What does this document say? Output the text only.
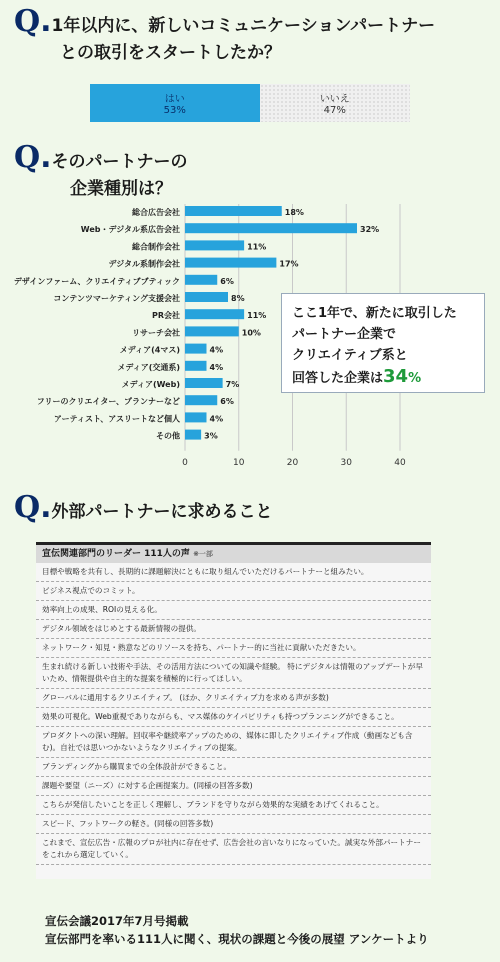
Q.1年以内に、新しいコミュニケーションパートナー
との取引をスタートしたか？
はい
53%
いいえ
47%
Q.そのパートナーの
企業種別は？
0	10	20	30	40
総合広告会社	18%
Web・デジタル系広告会社	32%
総合制作会社	11%
デジタル系制作会社	17%
デザインファーム、クリエイティブブティック	6%
コンテンツマーケティング支援会社	8%
PR会社	11%
リサーチ会社	10%
メディア(4マス)	4%
メディア(交通系)	4%
メディア(Web)	7%
フリーのクリエイター、プランナーなど	6%
アーティスト、アスリートなど個人	4%
その他	3%
ここ1年で、新たに取引した
パートナー企業で
クリエイティブ系と
回答した企業は34%
Q.外部パートナーに求めること
宣伝関連部門のリーダー 111人の声 ※一部
目標や戦略を共有し、長期的に課題解決にともに取り組んでいただけるパートナーと組みたい。
ビジネス視点でのコミット。
効率向上の成果、ROIの見える化。
デジタル領域をはじめとする最新情報の提供。
ネットワーク・知見・熟意などのリソースを持ち、パートナー的に当社に貢献いただきたい。
生まれ続ける新しい技術や手法、その活用方法についての知識や経験。 特にデジタルは情報のアップデートが早いため、情報提供や自主的な提案を積極的に行ってほしい。
グローバルに通用するクリエイティブ。 (ほか、クリエイティブ力を求める声が多数)
効果の可視化。Web重視でありながらも、マス媒体のケイパビリティも持つプランニングができること。
プロダクトへの深い理解。回収率や継続率アップのための、媒体に即したクリエイティブ作成（動画なども含む)。自社では思いつかないようなクリエイティブの提案。
ブランディングから購買までの全体設計ができること。
課題や要望（ニーズ）に対する企画提案力。(同様の回答多数)
こちらが発信したいことを正しく理解し、ブランドを守りながら効果的な実績をあげてくれること。
スピード、フットワークの軽さ。(同様の回答多数)
これまで、宣伝広告・広報のプロが社内に存在せず、広告会社の言いなりになっていた。誠実な外部パートナーをこれから選定していく。
宣伝会議2017年7月号掲載
宣伝部門を率いる111人に聞く、現状の課題と今後の展望 アンケートより
